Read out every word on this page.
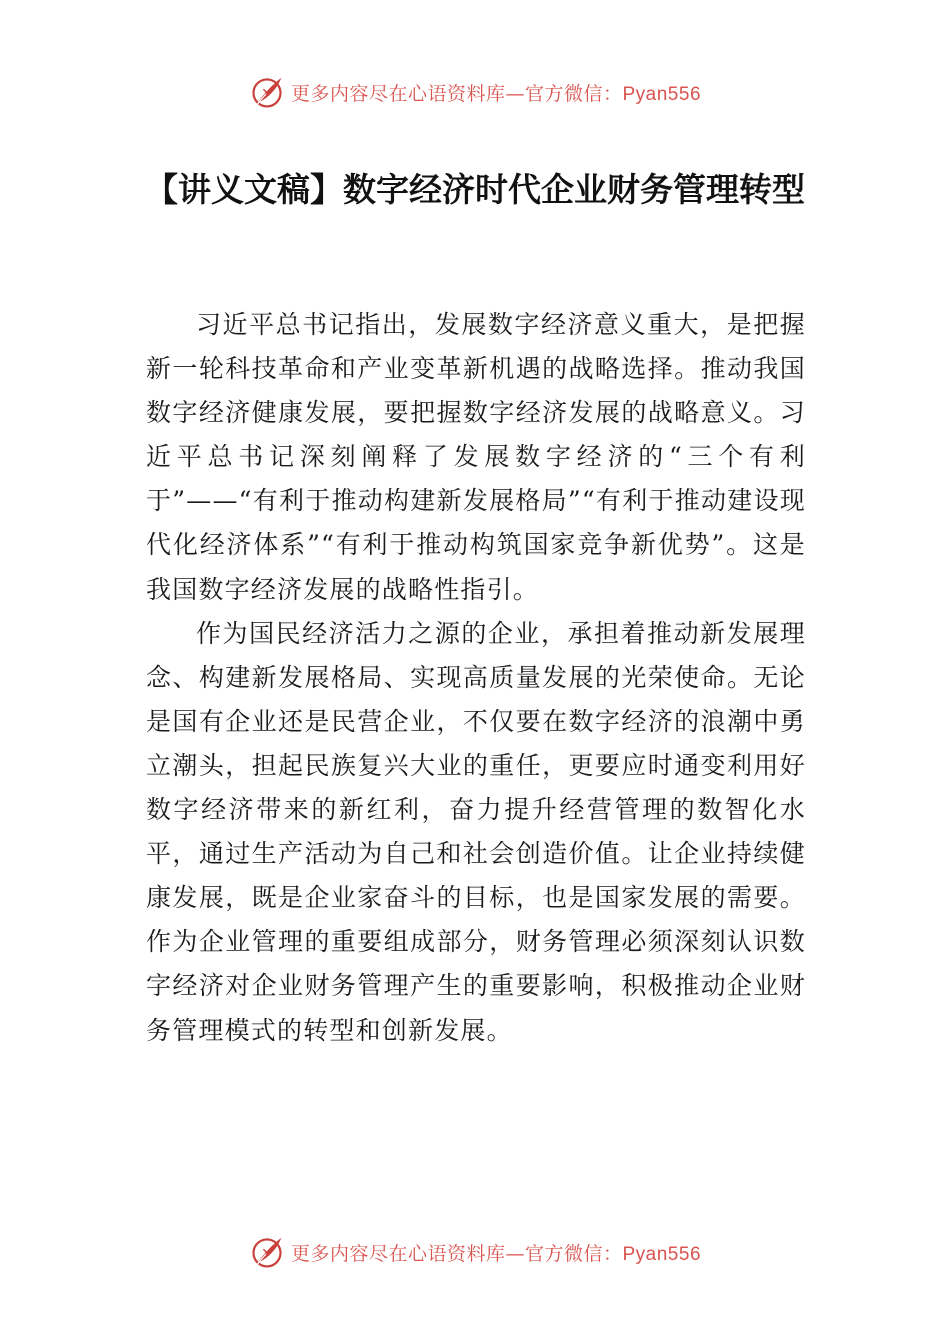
更多内容尽在心语资料库—官方微信：Pyan556
【讲义文稿】数字经济时代企业财务管理转型

习近平总书记指出，发展数字经济意义重大，是把握新一轮科技革命和产业变革新机遇的战略选择。推动我国数字经济健康发展，要把握数字经济发展的战略意义。习近平总书记深刻阐释了发展数字经济的“三个有利于”——“有利于推动构建新发展格局”“有利于推动建设现代化经济体系”“有利于推动构筑国家竞争新优势”。这是我国数字经济发展的战略性指引。

作为国民经济活力之源的企业，承担着推动新发展理念、构建新发展格局、实现高质量发展的光荣使命。无论是国有企业还是民营企业，不仅要在数字经济的浪潮中勇立潮头，担起民族复兴大业的重任，更要应时通变利用好数字经济带来的新红利，奋力提升经营管理的数智化水平，通过生产活动为自己和社会创造价值。让企业持续健康发展，既是企业家奋斗的目标，也是国家发展的需要。作为企业管理的重要组成部分，财务管理必须深刻认识数字经济对企业财务管理产生的重要影响，积极推动企业财务管理模式的转型和创新发展。

更多内容尽在心语资料库—官方微信：Pyan556
